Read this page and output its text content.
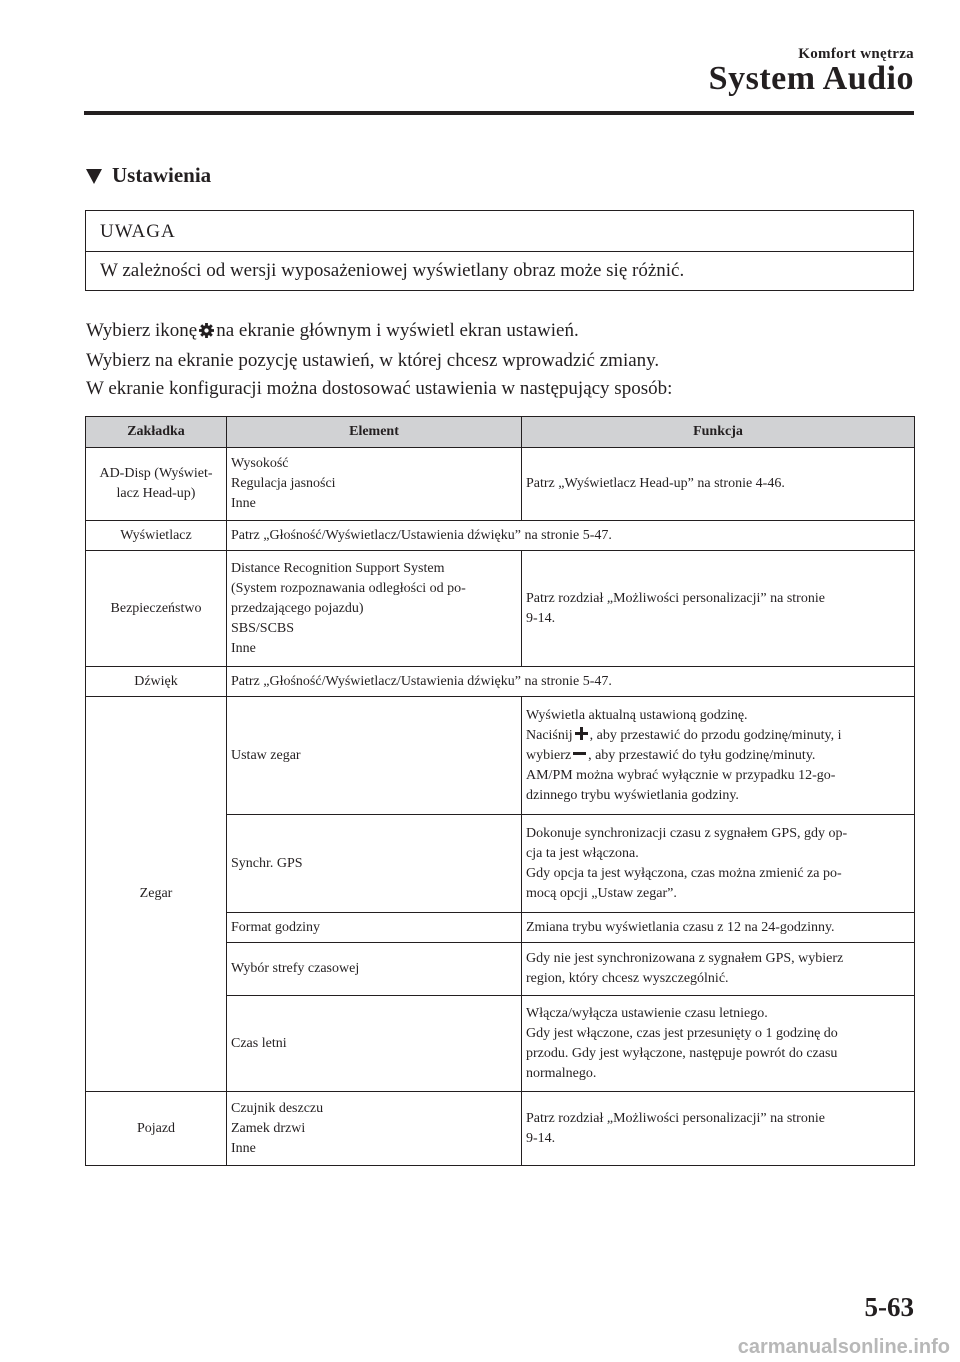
Komfort wnętrza
System Audio
Ustawienia
UWAGA
W zależności od wersji wyposażeniowej wyświetlany obraz może się różnić.
Wybierz ikonę na ekranie głównym i wyświetl ekran ustawień.
Wybierz na ekranie pozycję ustawień, w której chcesz wprowadzić zmiany.
W ekranie konfiguracji można dostosować ustawienia w następujący sposób:
Zakładka	Element	Funkcja

AD-Disp (Wyświet-
lacz Head-up)	Wysokość
Regulacja jasności
Inne	Patrz „Wyświetlacz Head-up” na stronie 4-46.
Wyświetlacz	Patrz „Głośność/Wyświetlacz/Ustawienia dźwięku” na stronie 5-47.	
Bezpieczeństwo	Distance Recognition Support System
(System rozpoznawania odległości od po-
przedzającego pojazdu)
SBS/SCBS
Inne	Patrz rozdział „Możliwości personalizacji” na stronie
9-14.

Dźwięk	Patrz „Głośność/Wyświetlacz/Ustawienia dźwięku” na stronie 5-47.	
Zegar	Ustaw zegar	Wyświetla aktualną ustawioną godzinę.
Naciśnij , aby przestawić do przodu godzinę/minuty, i
wybierz , aby przestawić do tyłu godzinę/minuty.
AM/PM można wybrać wyłącznie w przypadku 12-go-
dzinnego trybu wyświetlania godziny.

	Synchr. GPS	Dokonuje synchronizacji czasu z sygnałem GPS, gdy op-
cja ta jest włączona.
Gdy opcja ta jest wyłączona, czas można zmienić za po-
mocą opcji „Ustaw zegar”.

	Format godziny	Zmiana trybu wyświetlania czasu z 12 na 24-godzinny.
	Wybór strefy czasowej	Gdy nie jest synchronizowana z sygnałem GPS, wybierz
region, który chcesz wyszczególnić.

	Czas letni	Włącza/wyłącza ustawienie czasu letniego.
Gdy jest włączone, czas jest przesunięty o 1 godzinę do
przodu. Gdy jest wyłączone, następuje powrót do czasu
normalnego.

Pojazd	Czujnik deszczu
Zamek drzwi
Inne	Patrz rozdział „Możliwości personalizacji” na stronie
9-14.
5-63
carmanualsonline.info
